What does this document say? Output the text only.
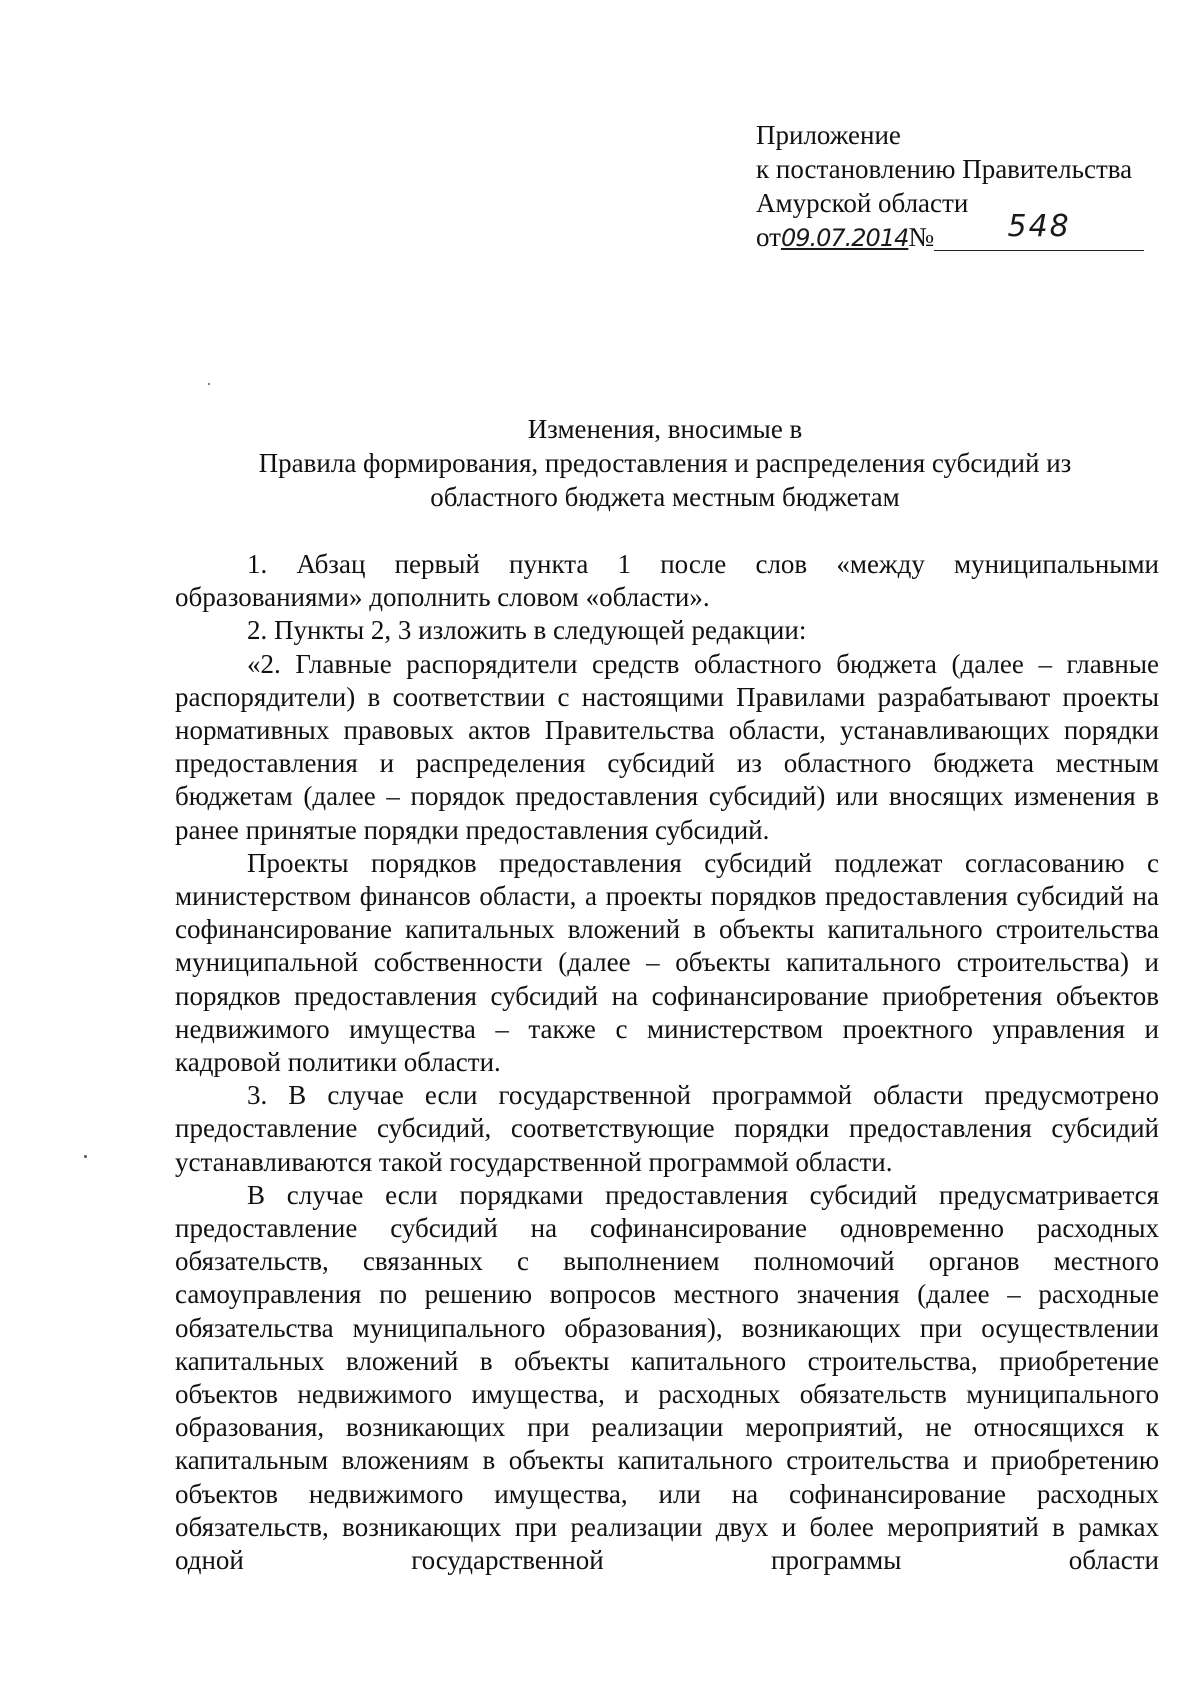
Приложение
к постановлению Правительства
Амурской области
от09.07.2014№ 548
Изменения, вносимые в
Правила формирования, предоставления и распределения субсидий из
областного бюджета местным бюджетам

1. Абзац первый пункта 1 после слов «между муниципальными образованиями» дополнить словом «области».

2. Пункты 2, 3 изложить в следующей редакции:

«2. Главные распорядители средств областного бюджета (далее – главные распорядители) в соответствии с настоящими Правилами разрабатывают проекты нормативных правовых актов Правительства области, устанавливающих порядки предоставления и распределения субсидий из областного бюджета местным бюджетам (далее – порядок предоставления субсидий) или вносящих изменения в ранее принятые порядки предоставления субсидий.

Проекты порядков предоставления субсидий подлежат согласованию с министерством финансов области, а проекты порядков предоставления субсидий на софинансирование капитальных вложений в объекты капитального строительства муниципальной собственности (далее – объекты капитального строительства) и порядков предоставления субсидий на софинансирование приобретения объектов недвижимого имущества – также с министерством проектного управления и кадровой политики области.

3. В случае если государственной программой области предусмотрено предоставление субсидий, соответствующие порядки предоставления субсидий устанавливаются такой государственной программой области.

В случае если порядками предоставления субсидий предусматривается предоставление субсидий на софинансирование одновременно расходных обязательств, связанных с выполнением полномочий органов местного самоуправления по решению вопросов местного значения (далее – расходные обязательства муниципального образования), возникающих при осуществлении капитальных вложений в объекты капитального строительства, приобретение объектов недвижимого имущества, и расходных обязательств муниципального образования, возникающих при реализации мероприятий, не относящихся к капитальным вложениям в объекты капитального строительства и приобретению объектов недвижимого имущества, или на софинансирование расходных обязательств, возникающих при реализации двух и более мероприятий в рамках одной государственной программы области
